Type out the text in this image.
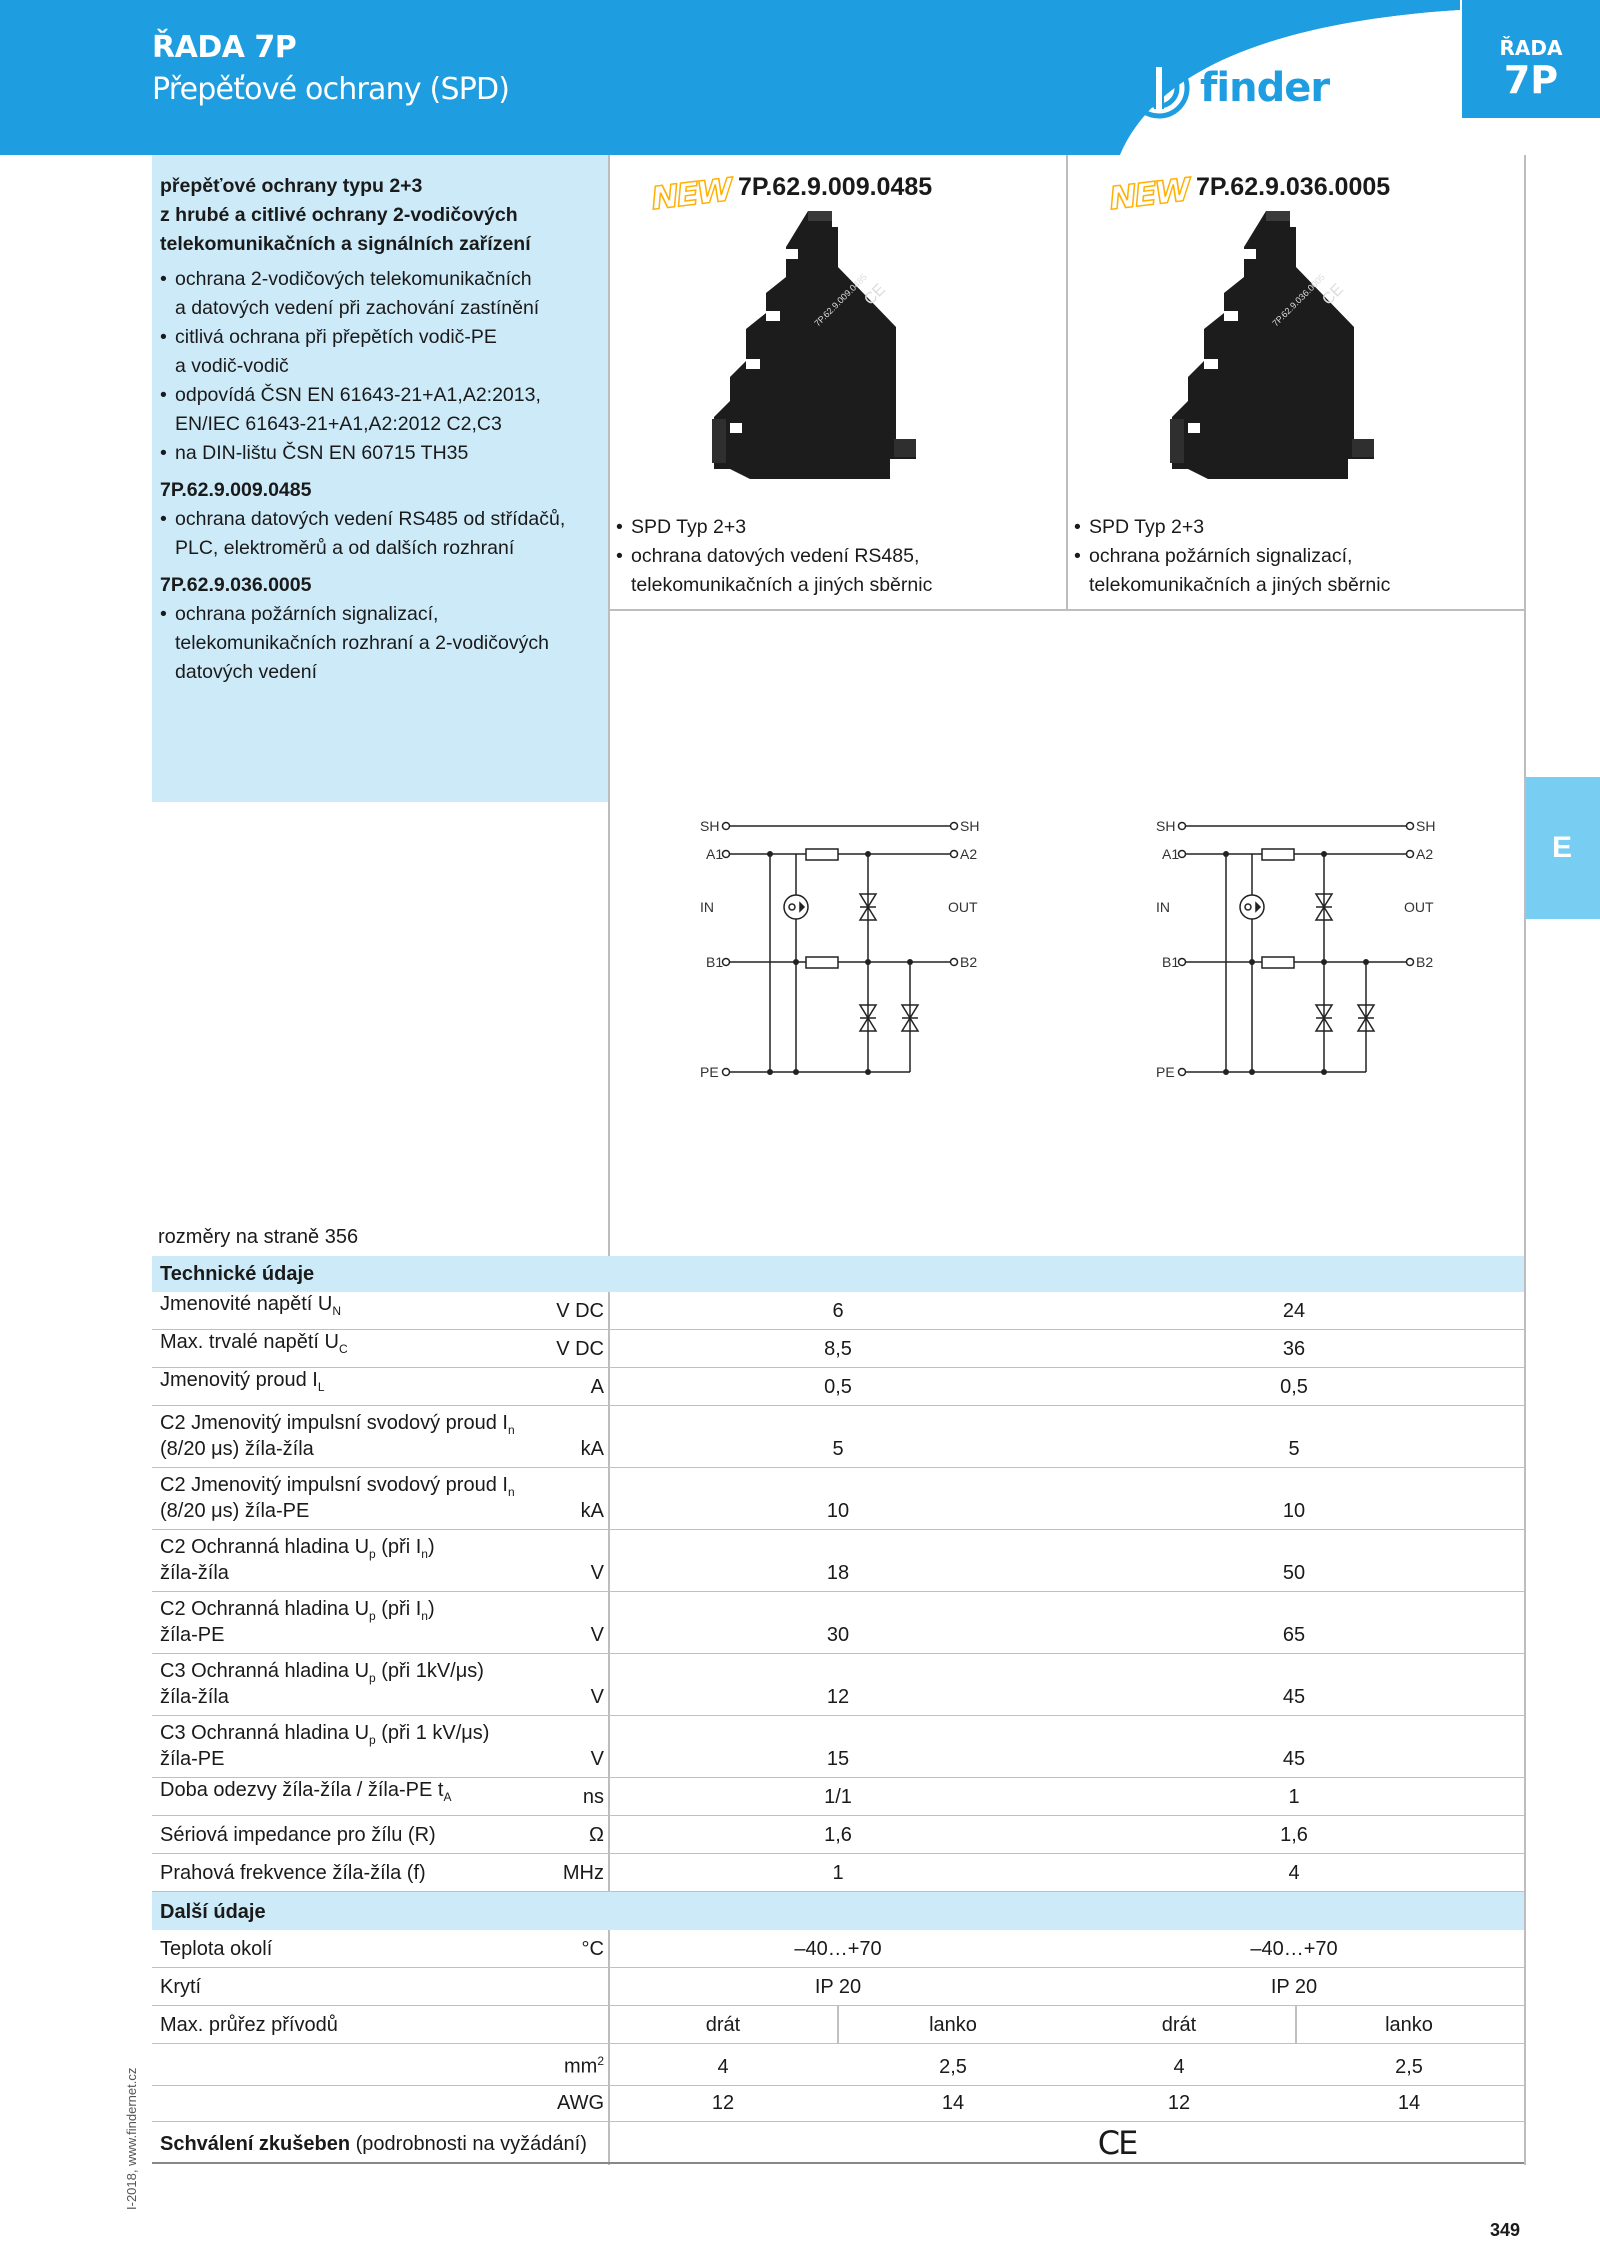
ŘADA 7P
Přepěťové ochrany (SPD)	finder
ŘADA
7P
E
přepěťové ochrany typu 2+3
z hrubé a citlivé ochrany 2-vodičových
telekomunikačních a signálních zařízení
• ochrana 2-vodičových telekomunikačních
a datových vedení při zachování zastínění
• citlivá ochrana při přepětích vodič-PE
a vodič-vodič
• odpovídá ČSN EN 61643-21+A1,A2:2013,
EN/IEC 61643-21+A1,A2:2012 C2,C3
• na DIN-lištu ČSN EN 60715 TH35
7P.62.9.009.0485
• ochrana datových vedení RS485 od střídačů,
PLC, elektroměrů a od dalších rozhraní
7P.62.9.036.0005
• ochrana požárních signalizací,
telekomunikačních rozhraní a 2-vodičových
datových vedení
NEW 7P.62.9.009.0485
7P.62.9.009.0485
CE
• SPD Typ 2+3
• ochrana datových vedení RS485,
telekomunikačních a jiných sběrnic
NEW 7P.62.9.036.0005
7P.62.9.036.0005
CE
• SPD Typ 2+3
• ochrana požárních signalizací,
telekomunikačních a jiných sběrnic
SH	SH
A1	A2
IN	OUT
B1	B2
PE
SH	SH
A1	A2
IN	OUT
B1	B2
PE
rozměry na straně 356
Technické údaje
Jmenovité napětí $U_N$	V DC	6	24
Max. trvalé napětí $U_C$	V DC	8,5	36
Jmenovitý proud $I_L$	A	0,5	0,5
C2 Jmenovitý impulsní svodový proud $I_n$
(8/20 μs) žíla-žíla	kA	5	5
C2 Jmenovitý impulsní svodový proud $I_n$
(8/20 μs) žíla-PE	kA	10	10
C2 Ochranná hladina $U_p$ (při $I_n$)
žíla-žíla	V	18	50
C2 Ochranná hladina $U_p$ (při $I_n$)
žíla-PE	V	30	65
C3 Ochranná hladina $U_p$ (při 1kV/μs)
žíla-žíla	V	12	45
C3 Ochranná hladina $U_p$ (při 1 kV/μs)
žíla-PE	V	15	45
Doba odezvy žíla-žíla / žíla-PE $t_A$	ns	1/1	1
Sériová impedance pro žílu (R)	Ω	1,6	1,6
Prahová frekvence žíla-žíla (f)	MHz	1	4
Další údaje
Teplota okolí	°C	–40…+70	–40…+70
Krytí	IP 20	IP 20
Max. průřez přívodů	drát	lanko	drát	lanko
$mm^2$	4	2,5	4	2,5
AWG	12	14	12	14
Schválení zkušeben (podrobnosti na vyžádání)	CE
I-2018, www.findernet.cz
349
